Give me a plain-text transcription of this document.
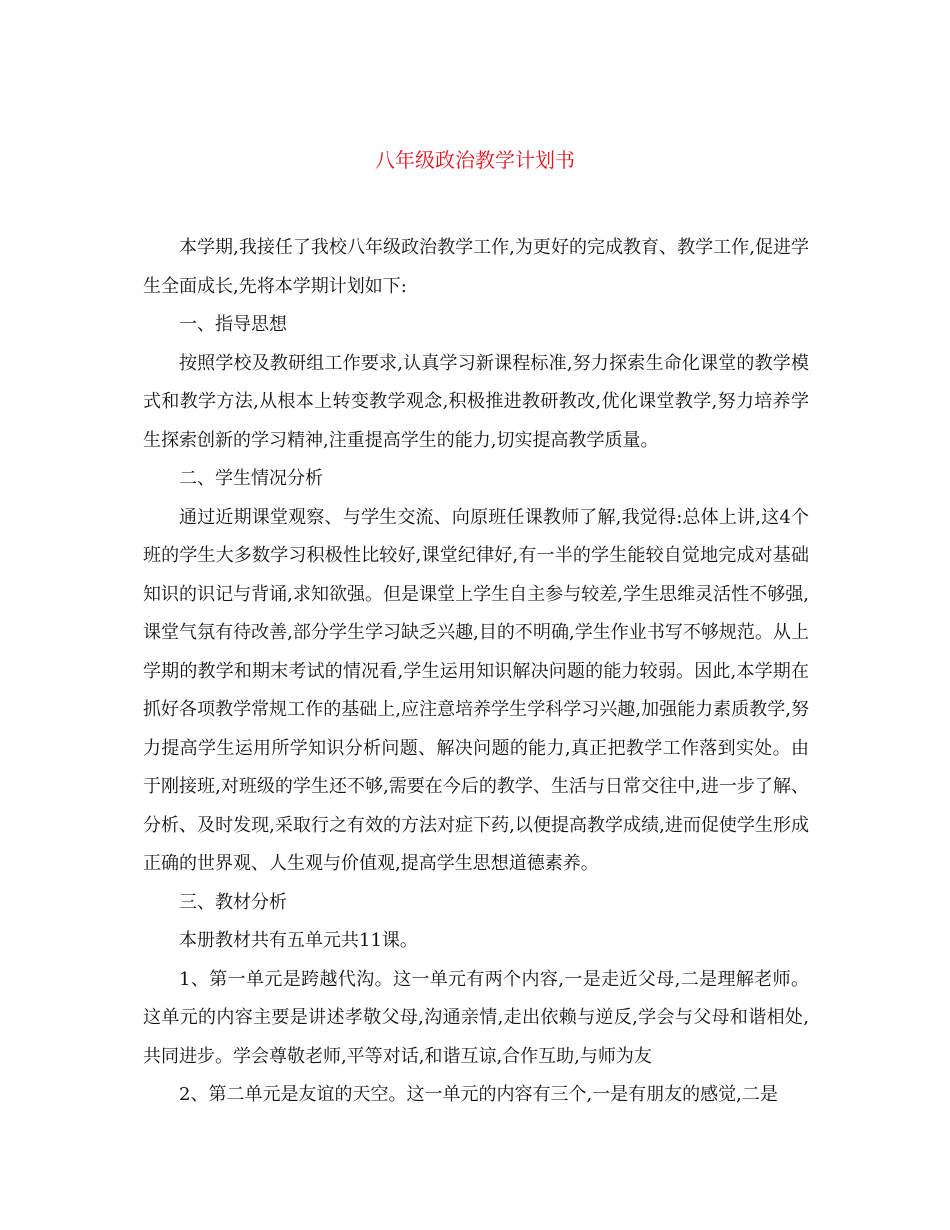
八年级政治教学计划书

本学期,我接任了我校八年级政治教学工作,为更好的完成教育、教学工作,促进学生全面成长,先将本学期计划如下:

一、指导思想

按照学校及教研组工作要求,认真学习新课程标准,努力探索生命化课堂的教学模式和教学方法,从根本上转变教学观念,积极推进教研教改,优化课堂教学,努力培养学生探索创新的学习精神,注重提高学生的能力,切实提高教学质量。

二、学生情况分析

通过近期课堂观察、与学生交流、向原班任课教师了解,我觉得:总体上讲,这4个班的学生大多数学习积极性比较好,课堂纪律好,有一半的学生能较自觉地完成对基础知识的识记与背诵,求知欲强。但是课堂上学生自主参与较差,学生思维灵活性不够强,课堂气氛有待改善,部分学生学习缺乏兴趣,目的不明确,学生作业书写不够规范。从上学期的教学和期末考试的情况看,学生运用知识解决问题的能力较弱。因此,本学期在抓好各项教学常规工作的基础上,应注意培养学生学科学习兴趣,加强能力素质教学,努力提高学生运用所学知识分析问题、解决问题的能力,真正把教学工作落到实处。由于刚接班,对班级的学生还不够,需要在今后的教学、生活与日常交往中,进一步了解、分析、及时发现,采取行之有效的方法对症下药,以便提高教学成绩,进而促使学生形成正确的世界观、人生观与价值观,提高学生思想道德素养。

三、教材分析

本册教材共有五单元共11课。

1、第一单元是跨越代沟。这一单元有两个内容,一是走近父母,二是理解老师。这单元的内容主要是讲述孝敬父母,沟通亲情,走出依赖与逆反,学会与父母和谐相处,共同进步。学会尊敬老师,平等对话,和谐互谅,合作互助,与师为友

2、第二单元是友谊的天空。这一单元的内容有三个,一是有朋友的感觉,二是
